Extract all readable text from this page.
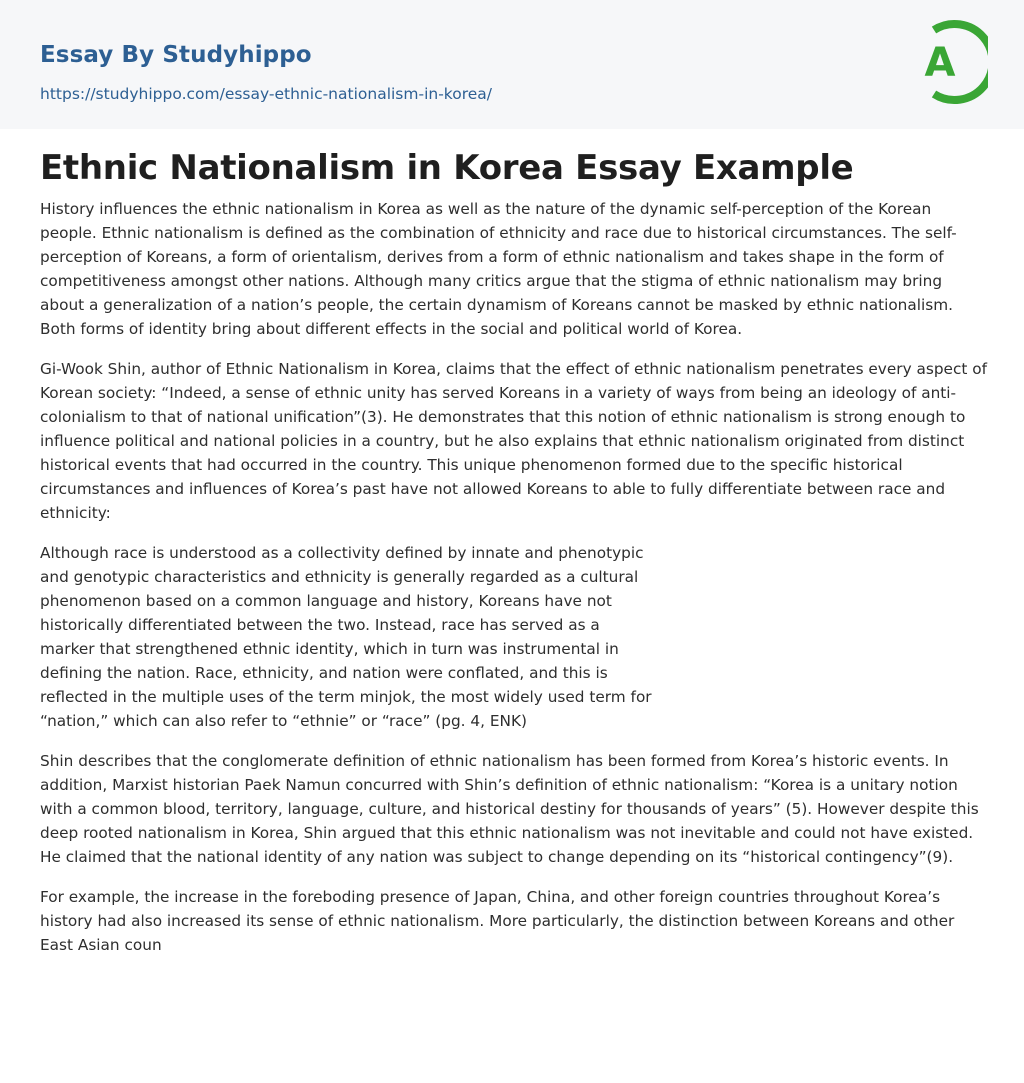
Essay By Studyhippo
https://studyhippo.com/essay-ethnic-nationalism-in-korea/
A
Ethnic Nationalism in Korea Essay Example

History influences the ethnic nationalism in Korea as well as the nature of the dynamic self-perception of the Korean people. Ethnic nationalism is defined as the combination of ethnicity and race due to historical circumstances. The self-perception of Koreans, a form of orientalism, derives from a form of ethnic nationalism and takes shape in the form of competitiveness amongst other nations. Although many critics argue that the stigma of ethnic nationalism may bring about a generalization of a nation’s people, the certain dynamism of Koreans cannot be masked by ethnic nationalism. Both forms of identity bring about different effects in the social and political world of Korea.

Gi-Wook Shin, author of Ethnic Nationalism in Korea, claims that the effect of ethnic nationalism penetrates every aspect of Korean society: “Indeed, a sense of ethnic unity has served Koreans in a variety of ways from being an ideology of anti-colonialism to that of national unification”(3). He demonstrates that this notion of ethnic nationalism is strong enough to influence political and national policies in a country, but he also explains that ethnic nationalism originated from distinct historical events that had occurred in the country. This unique phenomenon formed due to the specific historical circumstances and influences of Korea’s past have not allowed Koreans to able to fully differentiate between race and ethnicity:

Although race is understood as a collectivity defined by innate and phenotypic and genotypic characteristics and ethnicity is generally regarded as a cultural phenomenon based on a common language and history, Koreans have not historically differentiated between the two. Instead, race has served as a marker that strengthened ethnic identity, which in turn was instrumental in defining the nation. Race, ethnicity, and nation were conflated, and this is reflected in the multiple uses of the term minjok, the most widely used term for “nation,” which can also refer to “ethnie” or “race” (pg. 4, ENK)

Shin describes that the conglomerate definition of ethnic nationalism has been formed from Korea’s historic events. In addition, Marxist historian Paek Namun concurred with Shin’s definition of ethnic nationalism: “Korea is a unitary notion with a common blood, territory, language, culture, and historical destiny for thousands of years” (5). However despite this deep rooted nationalism in Korea, Shin argued that this ethnic nationalism was not inevitable and could not have existed. He claimed that the national identity of any nation was subject to change depending on its “historical contingency”(9).

For example, the increase in the foreboding presence of Japan, China, and other foreign countries throughout Korea’s history had also increased its sense of ethnic nationalism. More particularly, the distinction between Koreans and other East Asian coun
